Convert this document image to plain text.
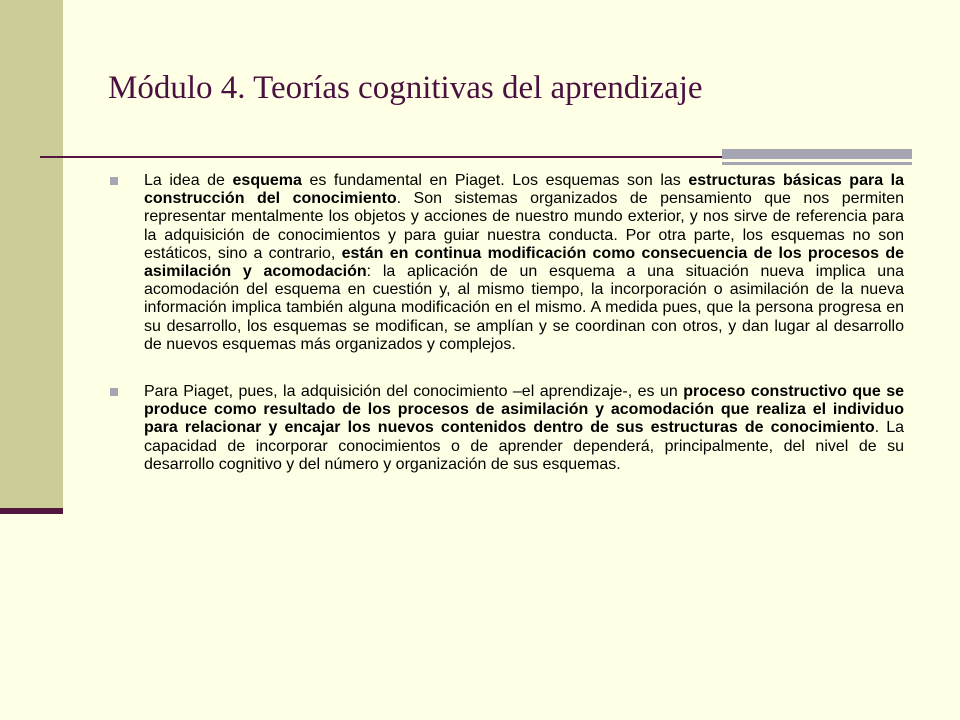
Módulo 4. Teorías cognitivas del aprendizaje

La idea de esquema es fundamental en Piaget. Los esquemas son las estructuras básicas para la construcción del conocimiento. Son sistemas organizados de pensamiento que nos permiten representar mentalmente los objetos y acciones de nuestro mundo exterior, y nos sirve de referencia para la adquisición de conocimientos y para guiar nuestra conducta. Por otra parte, los esquemas no son estáticos, sino a contrario, están en continua modificación como consecuencia de los procesos de asimilación y acomodación: la aplicación de un esquema a una situación nueva implica una acomodación del esquema en cuestión y, al mismo tiempo, la incorporación o asimilación de la nueva información implica también alguna modificación en el mismo. A medida pues, que la persona progresa en su desarrollo, los esquemas se modifican, se amplían y se coordinan con otros, y dan lugar al desarrollo de nuevos esquemas más organizados y complejos.

Para Piaget, pues, la adquisición del conocimiento –el aprendizaje-, es un proceso constructivo que se produce como resultado de los procesos de asimilación y acomodación que realiza el individuo para relacionar y encajar los nuevos contenidos dentro de sus estructuras de conocimiento. La capacidad de incorporar conocimientos o de aprender dependerá, principalmente, del nivel de su desarrollo cognitivo y del número y organización de sus esquemas.
